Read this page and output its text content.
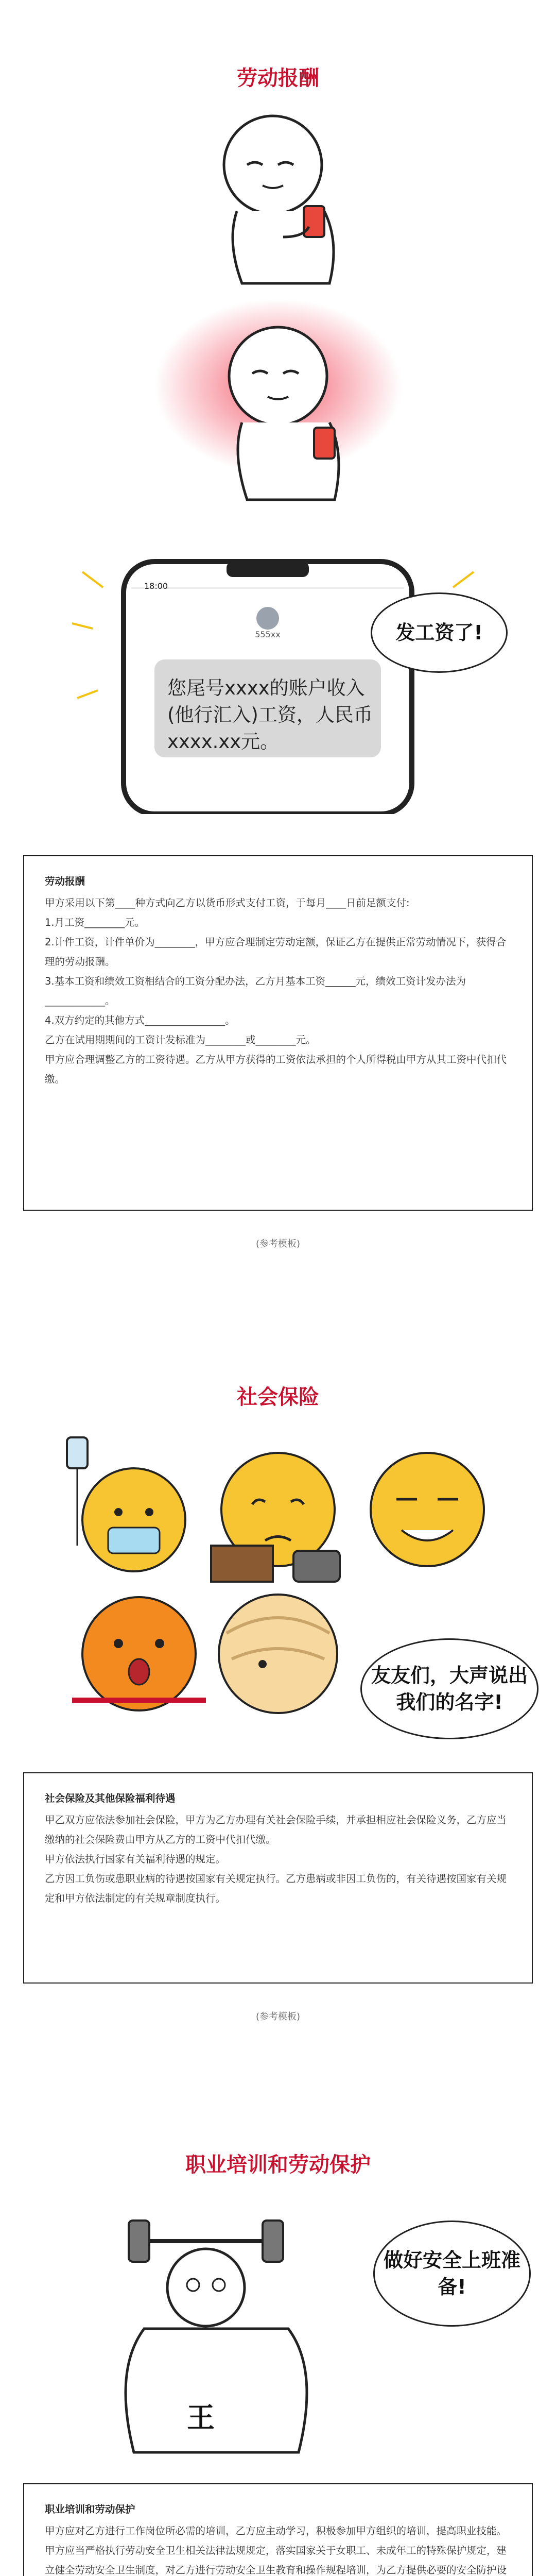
劳动报酬
18:00
555xx
您尾号xxxx的账户收入(他行汇入)工资，人民币xxxx.xx元。
发工资了!

劳动报酬

甲方采用以下第____种方式向乙方以货币形式支付工资，于每月____日前足额支付:

1.月工资________元。

2.计件工资，计件单价为________，甲方应合理制定劳动定额，保证乙方在提供正常劳动情况下，获得合理的劳动报酬。

3.基本工资和绩效工资相结合的工资分配办法，乙方月基本工资______元，绩效工资计发办法为____________。

4.双方约定的其他方式________________。

乙方在试用期期间的工资计发标准为________或________元。

甲方应合理调整乙方的工资待遇。乙方从甲方获得的工资依法承担的个人所得税由甲方从其工资中代扣代缴。

(参考模板)
社会保险
友友们，大声说出我们的名字!

社会保险及其他保险福利待遇

甲乙双方应依法参加社会保险，甲方为乙方办理有关社会保险手续，并承担相应社会保险义务，乙方应当缴纳的社会保险费由甲方从乙方的工资中代扣代缴。

甲方依法执行国家有关福利待遇的规定。

乙方因工负伤或患职业病的待遇按国家有关规定执行。乙方患病或非因工负伤的，有关待遇按国家有关规定和甲方依法制定的有关规章制度执行。

(参考模板)
职业培训和劳动保护
王
做好安全上班准备!

职业培训和劳动保护

甲方应对乙方进行工作岗位所必需的培训，乙方应主动学习，积极参加甲方组织的培训，提高职业技能。

甲方应当严格执行劳动安全卫生相关法律法规规定，落实国家关于女职工、未成年工的特殊保护规定，建立健全劳动安全卫生制度，对乙方进行劳动安全卫生教育和操作规程培训，为乙方提供必要的安全防护设
